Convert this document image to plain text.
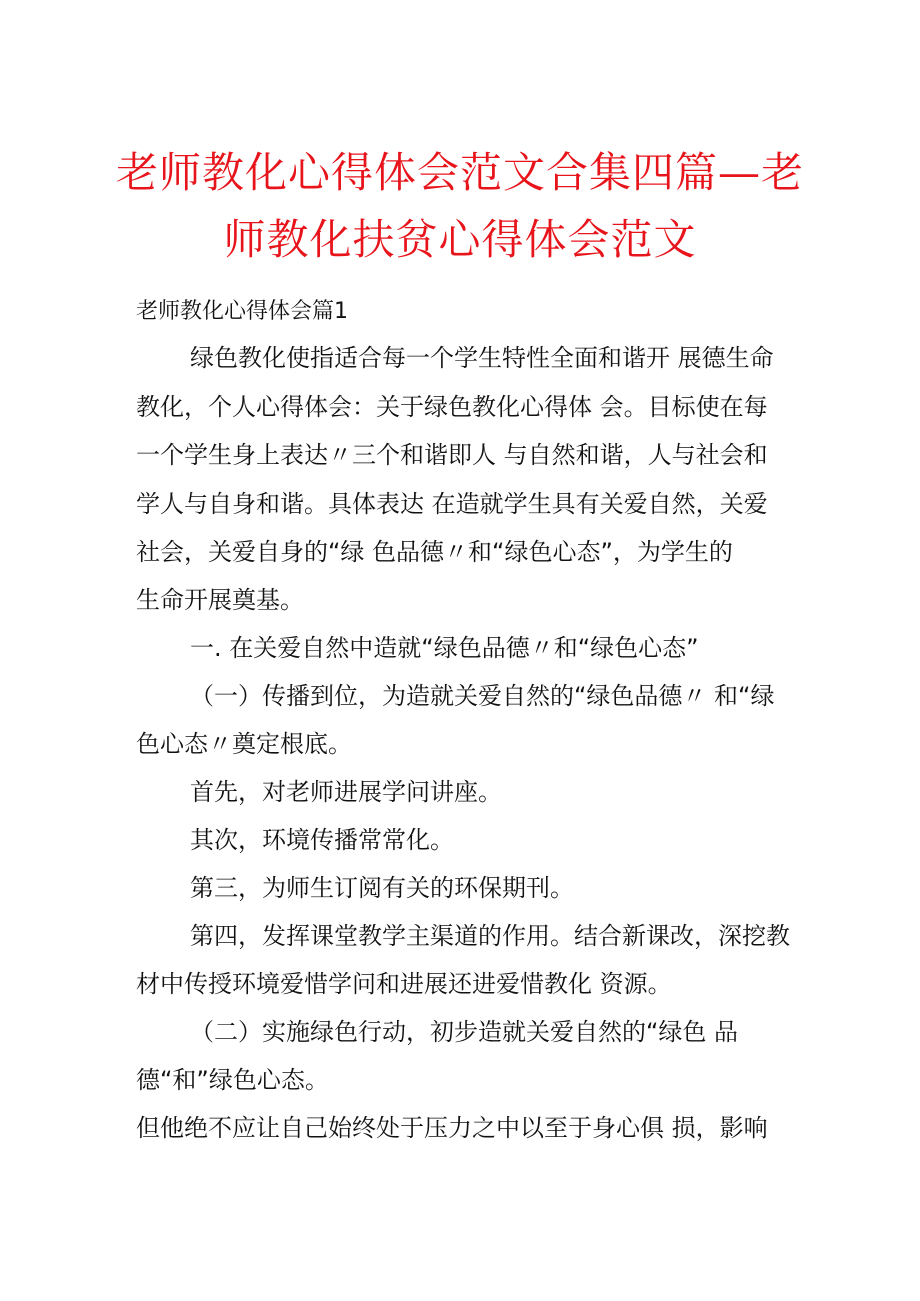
老师教化心得体会范文合集四篇—老
师教化扶贫心得体会范文
老师教化心得体会篇1
绿色教化使指适合每一个学生特性全面和谐开 展德生命
教化，个人心得体会：关于绿色教化心得体 会。目标使在每
一个学生身上表达〃三个和谐即人 与自然和谐，人与社会和
学人与自身和谐。具体表达 在造就学生具有关爱自然，关爱
社会，关爱自身的“绿 色品德〃和“绿色心态”，为学生的
生命开展奠基。
一. 在关爱自然中造就“绿色品德〃和“绿色心态”
（一）传播到位，为造就关爱自然的“绿色品德〃 和“绿
色心态〃奠定根底。
首先，对老师进展学问讲座。
其次，环境传播常常化。
第三，为师生订阅有关的环保期刊。
第四，发挥课堂教学主渠道的作用。结合新课改，深挖教
材中传授环境爱惜学问和进展还进爱惜教化 资源。
（二）实施绿色行动，初步造就关爱自然的“绿色 品
德“和”绿色心态。
但他绝不应让自己始终处于压力之中以至于身心俱 损，影响
